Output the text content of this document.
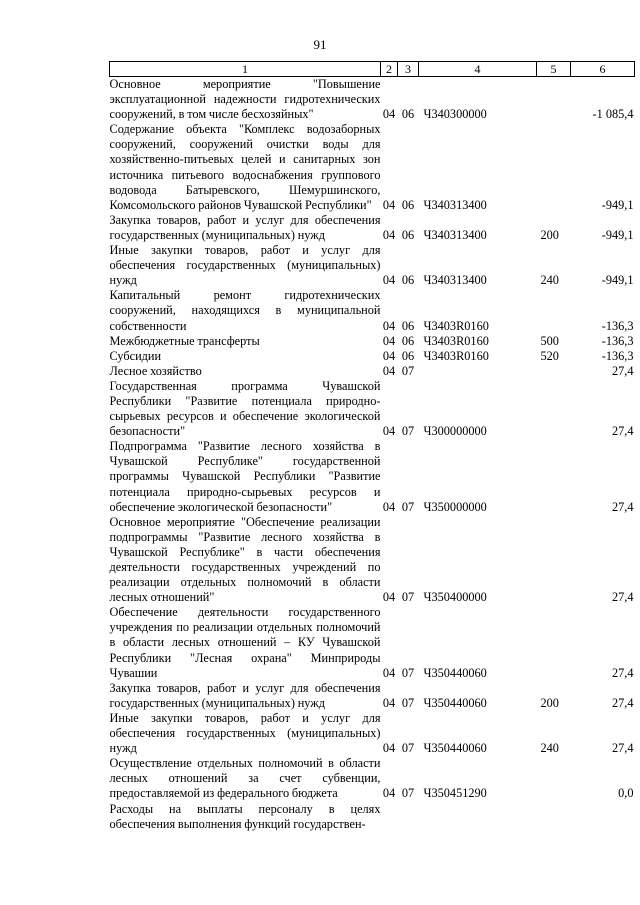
91
1	2	3	4	5	6
Основное мероприятие "Повышение эксплуатационной надежности гидротехнических сооружений, в том числе бесхозяйных"	04	06	Ч340300000		-1 085,4
Содержание объекта "Комплекс водозаборных сооружений, сооружений очистки воды для хозяйственно-питьевых целей и санитарных зон источника питьевого водоснабжения группового водовода Батыревского, Шемуршинского, Комсомольского районов Чувашской Республики"	04	06	Ч340313400		-949,1
Закупка товаров, работ и услуг для обеспечения государственных (муниципальных) нужд	04	06	Ч340313400	200	-949,1
Иные закупки товаров, работ и услуг для обеспечения государственных (муниципальных) нужд	04	06	Ч340313400	240	-949,1
Капитальный ремонт гидротехнических сооружений, находящихся в муниципальной собственности	04	06	Ч3403R0160		-136,3
Межбюджетные трансферты	04	06	Ч3403R0160	500	-136,3
Субсидии	04	06	Ч3403R0160	520	-136,3
Лесное хозяйство	04	07			27,4
Государственная программа Чувашской Республики "Развитие потенциала природно-сырьевых ресурсов и обеспечение экологической безопасности"	04	07	Ч300000000		27,4
Подпрограмма "Развитие лесного хозяйства в Чувашской Республике" государственной программы Чувашской Республики "Развитие потенциала природно-сырьевых ресурсов и обеспечение экологической безопасности"	04	07	Ч350000000		27,4
Основное мероприятие "Обеспечение реализации подпрограммы "Развитие лесного хозяйства в Чувашской Республике" в части обеспечения деятельности государственных учреждений по реализации отдельных полномочий в области лесных отношений"	04	07	Ч350400000		27,4
Обеспечение деятельности государственного учреждения по реализации отдельных полномочий в области лесных отношений – КУ Чувашской Республики "Лесная охрана" Минприроды Чувашии	04	07	Ч350440060		27,4
Закупка товаров, работ и услуг для обеспечения государственных (муниципальных) нужд	04	07	Ч350440060	200	27,4
Иные закупки товаров, работ и услуг для обеспечения государственных (муниципальных) нужд	04	07	Ч350440060	240	27,4
Осуществление отдельных полномочий в области лесных отношений за счет субвенции, предоставляемой из федерального бюджета	04	07	Ч350451290		0,0
Расходы на выплаты персоналу в целях обеспечения выполнения функций государствен-					
